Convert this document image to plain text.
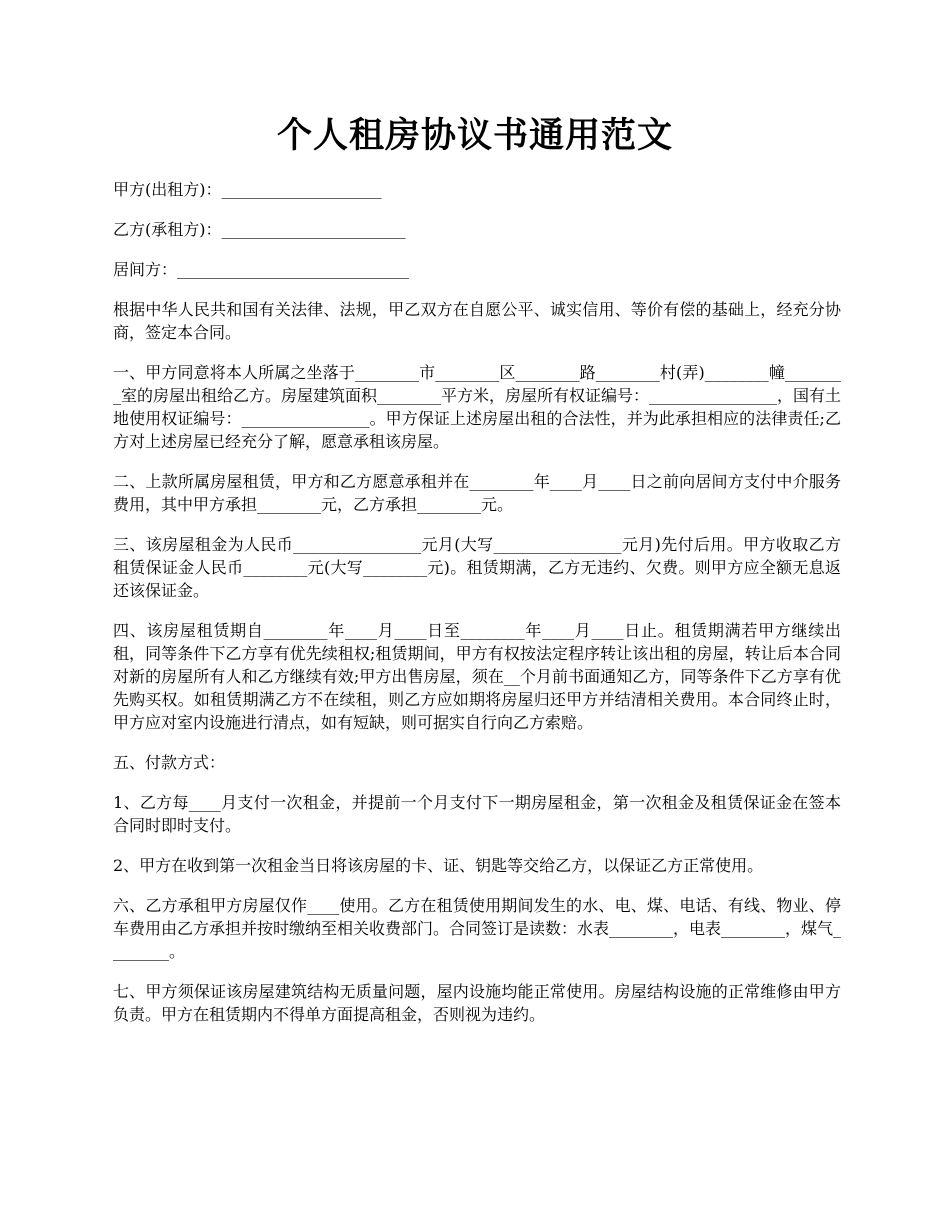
个人租房协议书通用范文

甲方(出租方)：____________________

乙方(承租方)：_______________________

居间方：_____________________________

根据中华人民共和国有关法律、法规，甲乙双方在自愿公平、诚实信用、等价有偿的基础上，经充分协商，签定本合同。

一、甲方同意将本人所属之坐落于________市________区________路________村(弄)________幢________室的房屋出租给乙方。房屋建筑面积________平方米，房屋所有权证编号：________________，国有土地使用权证编号：________________。甲方保证上述房屋出租的合法性，并为此承担相应的法律责任;乙方对上述房屋已经充分了解，愿意承租该房屋。

二、上款所属房屋租赁，甲方和乙方愿意承租并在________年____月____日之前向居间方支付中介服务费用，其中甲方承担________元，乙方承担________元。

三、该房屋租金为人民币________________元月(大写________________元月)先付后用。甲方收取乙方租赁保证金人民币________元(大写________元)。租赁期满，乙方无违约、欠费。则甲方应全额无息返还该保证金。

四、该房屋租赁期自________年____月____日至________年____月____日止。租赁期满若甲方继续出租，同等条件下乙方享有优先续租权;租赁期间，甲方有权按法定程序转让该出租的房屋，转让后本合同对新的房屋所有人和乙方继续有效;甲方出售房屋，须在__个月前书面通知乙方，同等条件下乙方享有优先购买权。如租赁期满乙方不在续租，则乙方应如期将房屋归还甲方并结清相关费用。本合同终止时，甲方应对室内设施进行清点，如有短缺，则可据实自行向乙方索赔。

五、付款方式：

1、乙方每____月支付一次租金，并提前一个月支付下一期房屋租金，第一次租金及租赁保证金在签本合同时即时支付。

2、甲方在收到第一次租金当日将该房屋的卡、证、钥匙等交给乙方，以保证乙方正常使用。

六、乙方承租甲方房屋仅作____使用。乙方在租赁使用期间发生的水、电、煤、电话、有线、物业、停车费用由乙方承担并按时缴纳至相关收费部门。合同签订是读数：水表________，电表________，煤气________。

七、甲方须保证该房屋建筑结构无质量问题，屋内设施均能正常使用。房屋结构设施的正常维修由甲方负责。甲方在租赁期内不得单方面提高租金，否则视为违约。
